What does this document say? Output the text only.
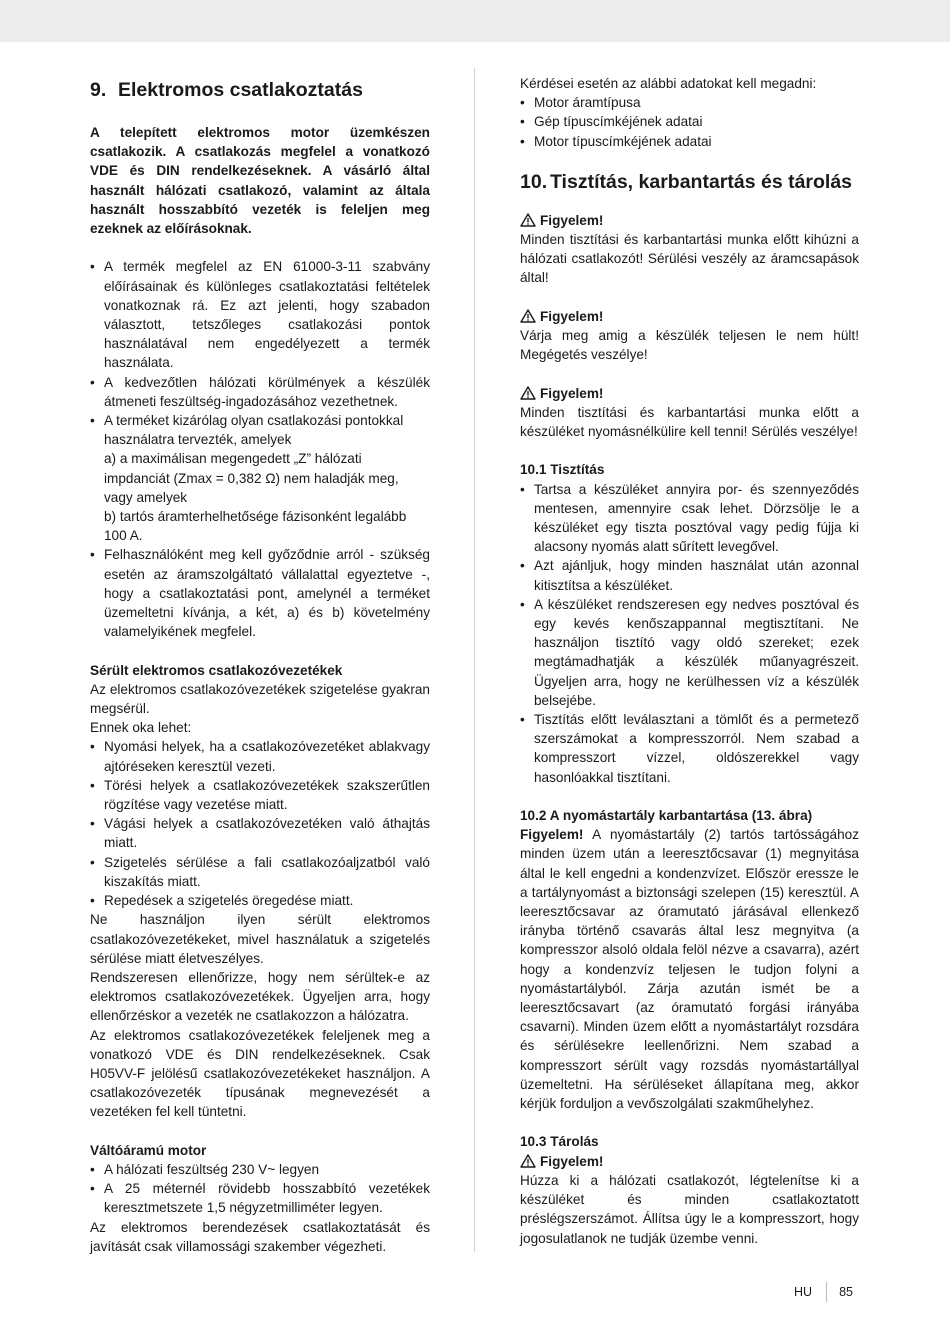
9. Elektromos csatlakoztatás

A telepített elektromos motor üzemkészen csatlakozik. A csatlakozás megfelel a vonatkozó VDE és DIN rendelkezéseknek. A vásárló által használt hálózati csatlakozó, valamint az általa használt hosszabbító vezeték is feleljen meg ezeknek az előírásoknak.

• A termék megfelel az EN 61000-3-11 szabvány előírásainak és különleges csatlakoztatási feltételek vonatkoznak rá. Ez azt jelenti, hogy szabadon választott, tetszőleges csatlakozási pontok használatával nem engedélyezett a termék használata.
• A kedvezőtlen hálózati körülmények a készülék átmeneti feszültség-ingadozásához vezethetnek.

• A terméket kizárólag olyan csatlakozási pontokkal használatra tervezték, amelyek

a) a maximálisan megengedett „Z” hálózati impdanciát (Zmax = 0,382 Ω) nem haladják meg, vagy amelyek

b) tartós áramterhelhetősége fázisonként legalább 100 A.

• Felhasználóként meg kell győződnie arról - szükség esetén az áramszolgáltató vállalattal egyeztetve -, hogy a csatlakoztatási pont, amelynél a terméket üzemeltetni kívánja, a két, a) és b) követelmény valamelyikének megfelel.
Sérült elektromos csatlakozóvezetékek

Az elektromos csatlakozóvezetékek szigetelése gyakran megsérül.

Ennek oka lehet:

• Nyomási helyek, ha a csatlakozóvezetéket ablakvagy ajtóréseken keresztül vezeti.
• Törési helyek a csatlakozóvezetékek szakszerűtlen rögzítése vagy vezetése miatt.
• Vágási helyek a csatlakozóvezetéken való áthajtás miatt.
• Szigetelés sérülése a fali csatlakozóaljzatból való kiszakítás miatt.
• Repedések a szigetelés öregedése miatt.

Ne használjon ilyen sérült elektromos csatlakozóvezetékeket, mivel használatuk a szigetelés sérülése miatt életveszélyes.

Rendszeresen ellenőrizze, hogy nem sérültek-e az elektromos csatlakozóvezetékek. Ügyeljen arra, hogy ellenőrzéskor a vezeték ne csatlakozzon a hálózatra.

Az elektromos csatlakozóvezetékek feleljenek meg a vonatkozó VDE és DIN rendelkezéseknek. Csak H05VV-F jelölésű csatlakozóvezetékeket használjon. A csatlakozóvezeték típusának megnevezését a vezetéken fel kell tüntetni.

Váltóáramú motor
• A hálózati feszültség 230 V~ legyen
• A 25 méternél rövidebb hosszabbító vezetékek keresztmetszete 1,5 négyzetmilliméter legyen.

Az elektromos berendezések csatlakoztatását és javítását csak villamossági szakember végezheti.

Kérdései esetén az alábbi adatokat kell megadni:

• Motor áramtípusa
• Gép típuscímkéjének adatai
• Motor típuscímkéjének adatai
10. Tisztítás, karbantartás és tárolás
Figyelem!

Minden tisztítási és karbantartási munka előtt kihúzni a hálózati csatlakozót! Sérülési veszély az áramcsapások által!

Figyelem!

Várja meg amig a készülék teljesen le nem hült! Megégetés veszélye!

Figyelem!

Minden tisztítási és karbantartási munka előtt a készüléket nyomásnélkülire kell tenni! Sérülés veszélye!

10.1 Tisztítás
• Tartsa a készüléket annyira por- és szennyeződés mentesen, amennyire csak lehet. Dörzsölje le a készüléket egy tiszta posztóval vagy pedig fújja ki alacsony nyomás alatt sűrített levegővel.
• Azt ajánljuk, hogy minden használat után azonnal kitisztítsa a készüléket.
• A készüléket rendszeresen egy nedves posztóval és egy kevés kenőszappannal megtisztítani. Ne használjon tisztító vagy oldó szereket; ezek megtámadhatják a készülék műanyagrészeit. Ügyeljen arra, hogy ne kerülhessen víz a készülék belsejébe.
• Tisztítás előtt leválasztani a tömlőt és a permetező szerszámokat a kompresszorról. Nem szabad a kompresszort vízzel, oldószerekkel vagy hasonlóakkal tisztítani.
10.2 A nyomástartály karbantartása (13. ábra)

Figyelem! A nyomástartály (2) tartós tartósságához minden üzem után a leeresztőcsavar (1) megnyitása által le kell engedni a kondenzvízet. Először eressze le a tartálynyomást a biztonsági szelepen (15) keresztül. A leeresztőcsavar az óramutató járásával ellenkező irányba történő csavarás által lesz megnyitva (a kompresszor alsoló oldala felöl nézve a csavarra), azért hogy a kondenzvíz teljesen le tudjon folyni a nyomástartályból. Zárja azután ismét be a leeresztőcsavart (az óramutató forgási irányába csavarni). Minden üzem előtt a nyomástartályt rozsdára és sérülésekre leellenőrizni. Nem szabad a kompresszort sérült vagy rozsdás nyomástartállyal üzemeltetni. Ha sérüléseket állapítana meg, akkor kérjük forduljon a vevőszolgálati szakműhelyhez.

10.3 Tárolás
Figyelem!

Húzza ki a hálózati csatlakozót, légtelenítse ki a készüléket és minden csatlakoztatott préslégszerszámot. Állítsa úgy le a kompresszort, hogy jogosulatlanok ne tudják üzembe venni.

HU 85
